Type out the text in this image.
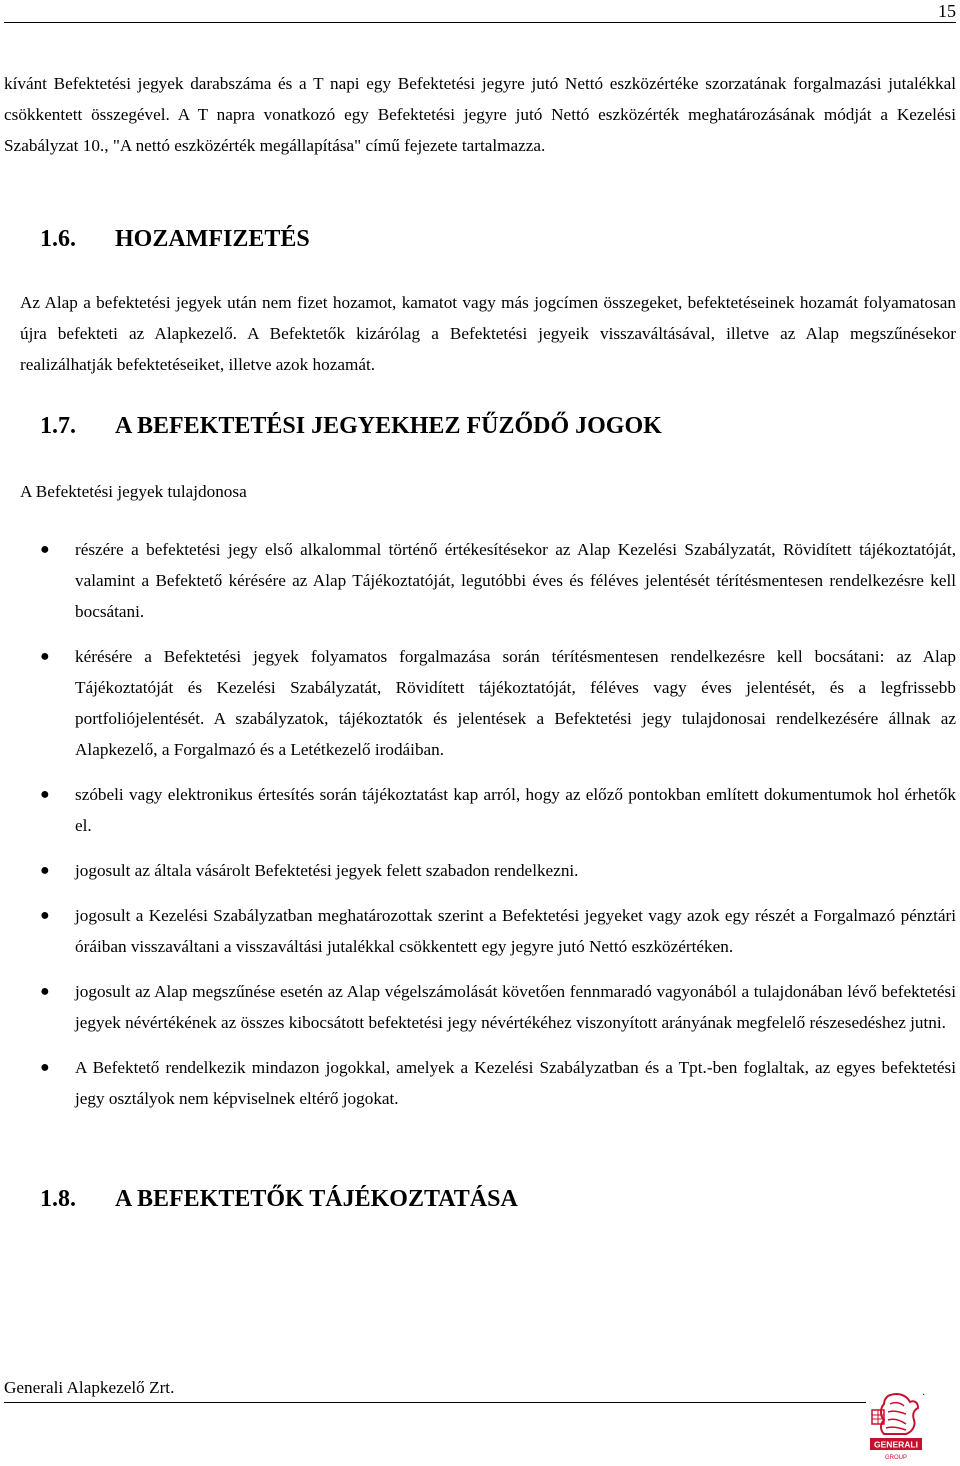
15

kívánt Befektetési jegyek darabszáma és a T napi egy Befektetési jegyre jutó Nettó eszközértéke szorzatának forgalmazási jutalékkal csökkentett összegével. A T napra vonatkozó egy Befektetési jegyre jutó Nettó eszközérték meghatározásának módját a Kezelési Szabályzat 10., "A nettó eszközérték megállapítása" című fejezete tartalmazza.

1.6. HOZAMFIZETÉS

Az Alap a befektetési jegyek után nem fizet hozamot, kamatot vagy más jogcímen összegeket, befektetéseinek hozamát folyamatosan újra befekteti az Alapkezelő. A Befektetők kizárólag a Befektetési jegyeik visszaváltásával, illetve az Alap megszűnésekor realizálhatják befektetéseiket, illetve azok hozamát.

1.7. A BEFEKTETÉSI JEGYEKHEZ FŰZŐDŐ JOGOK

A Befektetési jegyek tulajdonosa

● részére a befektetési jegy első alkalommal történő értékesítésekor az Alap Kezelési Szabályzatát, Rövidített tájékoztatóját, valamint a Befektető kérésére az Alap Tájékoztatóját, legutóbbi éves és féléves jelentését térítésmentesen rendelkezésre kell bocsátani.
● kérésére a Befektetési jegyek folyamatos forgalmazása során térítésmentesen rendelkezésre kell bocsátani: az Alap Tájékoztatóját és Kezelési Szabályzatát, Rövidített tájékoztatóját, féléves vagy éves jelentését, és a legfrissebb portfoliójelentését. A szabályzatok, tájékoztatók és jelentések a Befektetési jegy tulajdonosai rendelkezésére állnak az Alapkezelő, a Forgalmazó és a Letétkezelő irodáiban.
● szóbeli vagy elektronikus értesítés során tájékoztatást kap arról, hogy az előző pontokban említett dokumentumok hol érhetők el.
● jogosult az általa vásárolt Befektetési jegyek felett szabadon rendelkezni.
● jogosult a Kezelési Szabályzatban meghatározottak szerint a Befektetési jegyeket vagy azok egy részét a Forgalmazó pénztári óráiban visszaváltani a visszaváltási jutalékkal csökkentett egy jegyre jutó Nettó eszközértéken.
● jogosult az Alap megszűnése esetén az Alap végelszámolását követően fennmaradó vagyonából a tulajdonában lévő befektetési jegyek névértékének az összes kibocsátott befektetési jegy névértékéhez viszonyított arányának megfelelő részesedéshez jutni.
● A Befektető rendelkezik mindazon jogokkal, amelyek a Kezelési Szabályzatban és a Tpt.-ben foglaltak, az egyes befektetési jegy osztályok nem képviselnek eltérő jogokat.
1.8. A BEFEKTETŐK TÁJÉKOZTATÁSA
Generali Alapkezelő Zrt.	·
GENERALI
GROUP
